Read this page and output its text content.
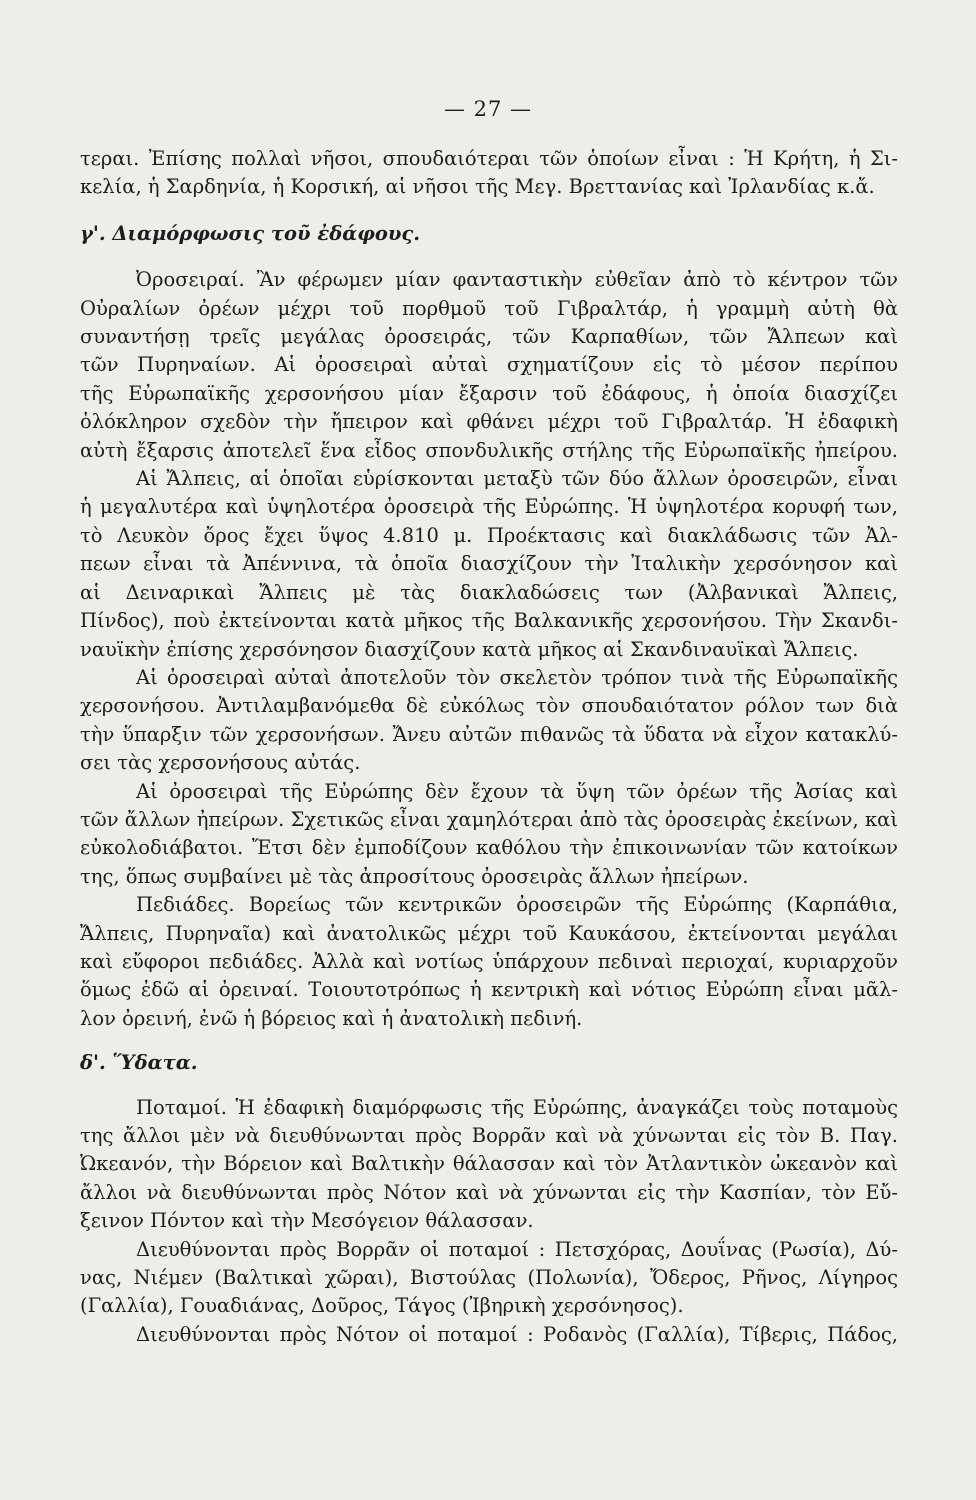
— 27 —
τεραι. Ἐπίσης πολλαὶ νῆσοι, σπουδαιότεραι τῶν ὁποίων εἶναι : Ἡ Κρήτη, ἡ Σι-
κελία, ἡ Σαρδηνία, ἡ Κορσική, αἱ νῆσοι τῆς Μεγ. Βρεττανίας καὶ Ἰρλανδίας κ.ἄ.
γ'. Διαμόρφωσις τοῦ ἐδάφους.
Ὀροσειραί. Ἂν φέρωμεν μίαν φανταστικὴν εὐθεῖαν ἀπὸ τὸ κέντρον τῶν
Οὐραλίων ὀρέων μέχρι τοῦ πορθμοῦ τοῦ Γιβραλτάρ, ἡ γραμμὴ αὐτὴ θὰ
συναντήσῃ τρεῖς μεγάλας ὀροσειράς, τῶν Καρπαθίων, τῶν Ἄλπεων καὶ
τῶν Πυρηναίων. Αἱ ὀροσειραὶ αὐταὶ σχηματίζουν εἰς τὸ μέσον περίπου
τῆς Εὐρωπαϊκῆς χερσονήσου μίαν ἔξαρσιν τοῦ ἐδάφους, ἡ ὁποία διασχίζει
ὁλόκληρον σχεδὸν τὴν ἤπειρον καὶ φθάνει μέχρι τοῦ Γιβραλτάρ. Ἡ ἐδαφικὴ
αὐτὴ ἔξαρσις ἀποτελεῖ ἕνα εἶδος σπονδυλικῆς στήλης τῆς Εὐρωπαϊκῆς ἠπείρου.
Αἱ Ἄλπεις, αἱ ὁποῖαι εὑρίσκονται μεταξὺ τῶν δύο ἄλλων ὀροσειρῶν, εἶναι
ἡ μεγαλυτέρα καὶ ὑψηλοτέρα ὀροσειρὰ τῆς Εὐρώπης. Ἡ ὑψηλοτέρα κορυφή των,
τὸ Λευκὸν ὄρος ἔχει ὕψος 4.810 μ. Προέκτασις καὶ διακλάδωσις τῶν Ἀλ-
πεων εἶναι τὰ Ἀπέννινα, τὰ ὁποῖα διασχίζουν τὴν Ἰταλικὴν χερσόνησον καὶ
αἱ Δειναρικαὶ Ἄλπεις μὲ τὰς διακλαδώσεις των (Ἀλβανικαὶ Ἄλπεις,
Πίνδος), ποὺ ἐκτείνονται κατὰ μῆκος τῆς Βαλκανικῆς χερσονήσου. Τὴν Σκανδι-
ναυϊκὴν ἐπίσης χερσόνησον διασχίζουν κατὰ μῆκος αἱ Σκανδιναυϊκαὶ Ἄλπεις.
Αἱ ὀροσειραὶ αὐταὶ ἀποτελοῦν τὸν σκελετὸν τρόπον τινὰ τῆς Εὐρωπαϊκῆς
χερσονήσου. Ἀντιλαμβανόμεθα δὲ εὐκόλως τὸν σπουδαιότατον ρόλον των διὰ
τὴν ὕπαρξιν τῶν χερσονήσων. Ἄνευ αὐτῶν πιθανῶς τὰ ὕδατα νὰ εἶχον κατακλύ-
σει τὰς χερσονήσους αὐτάς.
Αἱ ὀροσειραὶ τῆς Εὐρώπης δὲν ἔχουν τὰ ὕψη τῶν ὀρέων τῆς Ἀσίας καὶ
τῶν ἄλλων ἠπείρων. Σχετικῶς εἶναι χαμηλότεραι ἀπὸ τὰς ὀροσειρὰς ἐκείνων, καὶ
εὐκολοδιάβατοι. Ἔτσι δὲν ἐμποδίζουν καθόλου τὴν ἐπικοινωνίαν τῶν κατοίκων
της, ὅπως συμβαίνει μὲ τὰς ἀπροσίτους ὀροσειρὰς ἄλλων ἠπείρων.
Πεδιάδες. Βορείως τῶν κεντρικῶν ὀροσειρῶν τῆς Εὐρώπης (Καρπάθια,
Ἄλπεις, Πυρηναῖα) καὶ ἀνατολικῶς μέχρι τοῦ Καυκάσου, ἐκτείνονται μεγάλαι
καὶ εὔφοροι πεδιάδες. Ἀλλὰ καὶ νοτίως ὑπάρχουν πεδιναὶ περιοχαί, κυριαρχοῦν
ὅμως ἐδῶ αἱ ὀρειναί. Τοιουτοτρόπως ἡ κεντρικὴ καὶ νότιος Εὐρώπη εἶναι μᾶλ-
λον ὀρεινή, ἐνῶ ἡ βόρειος καὶ ἡ ἀνατολικὴ πεδινή.
δ'. Ὕδατα.
Ποταμοί. Ἡ ἐδαφικὴ διαμόρφωσις τῆς Εὐρώπης, ἀναγκάζει τοὺς ποταμοὺς
της ἄλλοι μὲν νὰ διευθύνωνται πρὸς Βορρᾶν καὶ νὰ χύνωνται εἰς τὸν Β. Παγ.
Ὠκεανόν, τὴν Βόρειον καὶ Βαλτικὴν θάλασσαν καὶ τὸν Ἀτλαντικὸν ὠκεανὸν καὶ
ἄλλοι νὰ διευθύνωνται πρὸς Νότον καὶ νὰ χύνωνται εἰς τὴν Κασπίαν, τὸν Εὔ-
ξεινον Πόντον καὶ τὴν Μεσόγειον θάλασσαν.
Διευθύνονται πρὸς Βορρᾶν οἱ ποταμοί : Πετσχόρας, Δουΐνας (Ρωσία), Δύ-
νας, Νιέμεν (Βαλτικαὶ χῶραι), Βιστούλας (Πολωνία), Ὄδερος, Ρῆνος, Λίγηρος
(Γαλλία), Γουαδιάνας, Δοῦρος, Τάγος (Ἰβηρικὴ χερσόνησος).
Διευθύνονται πρὸς Νότον οἱ ποταμοί : Ροδανὸς (Γαλλία), Τίβερις, Πάδος,
